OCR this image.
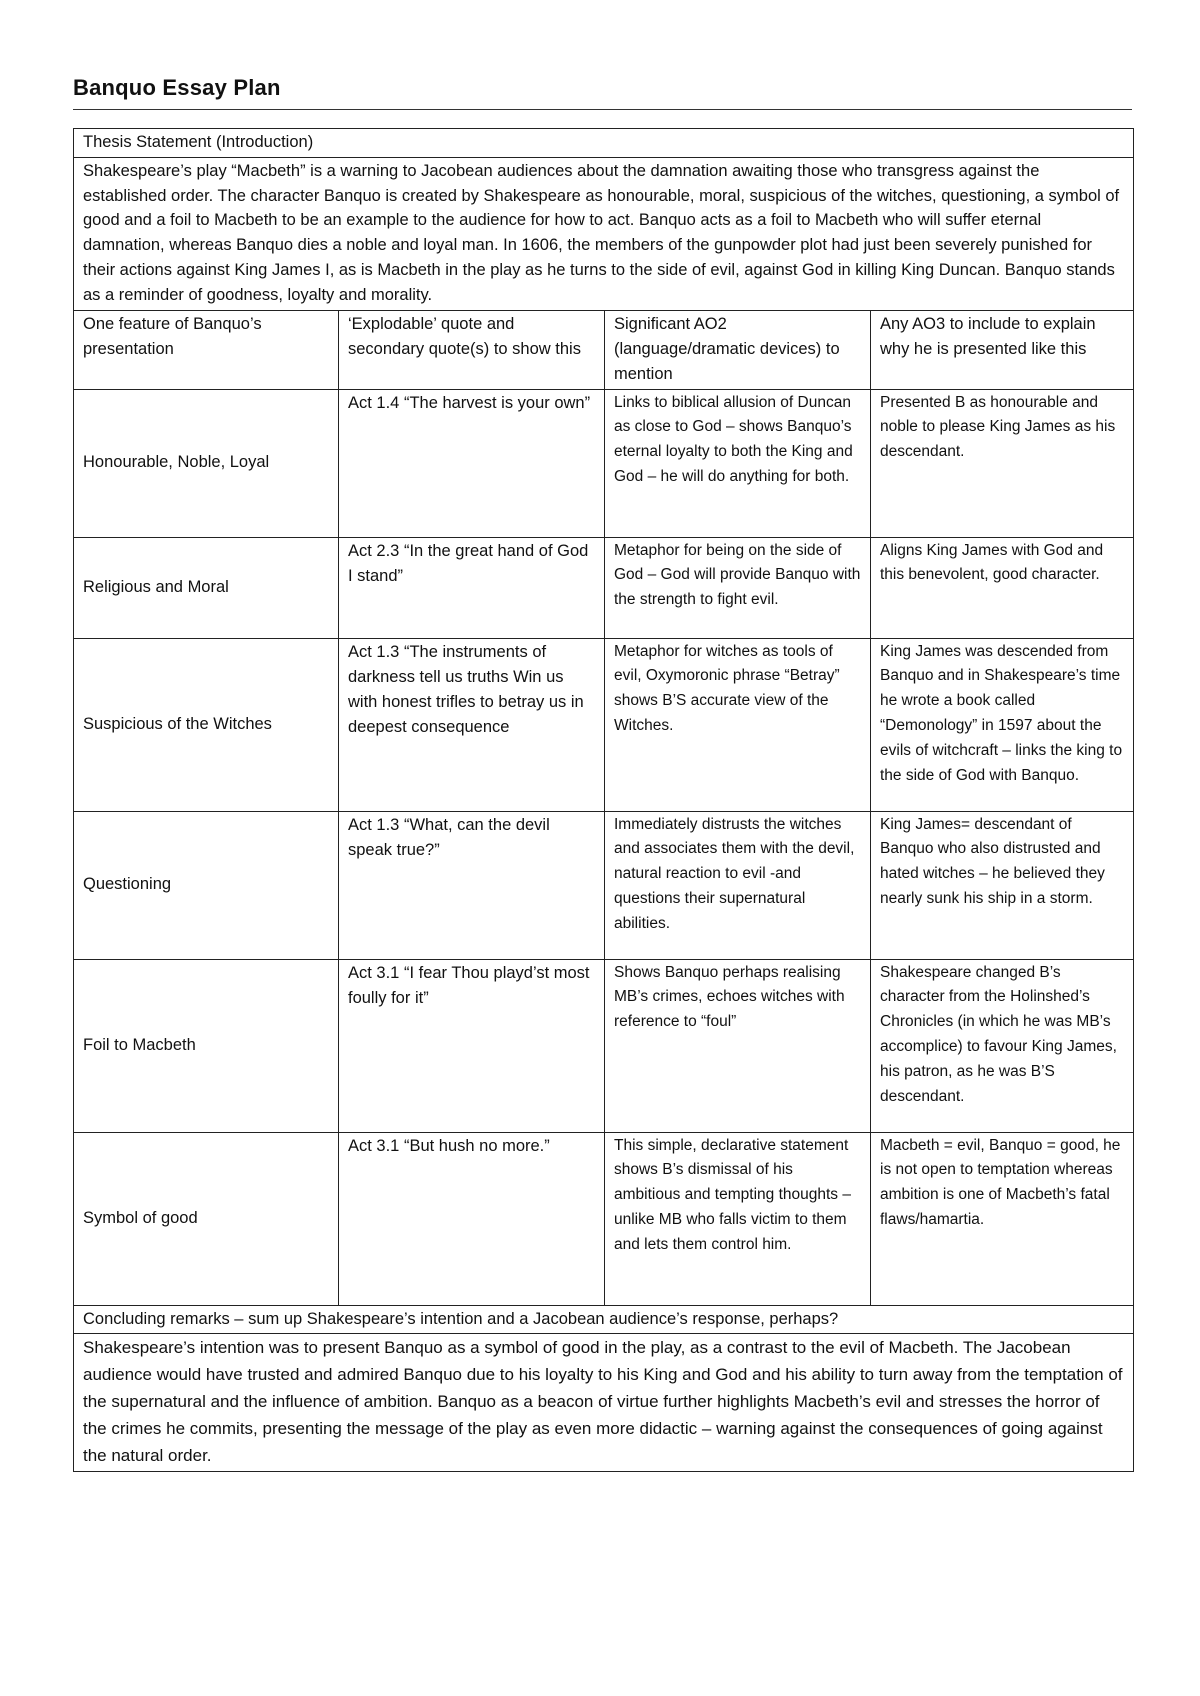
Banquo Essay Plan
Thesis Statement (Introduction)			
Shakespeare’s play “Macbeth” is a warning to Jacobean audiences about the damnation awaiting those who transgress against the established order. The character Banquo is created by Shakespeare as honourable, moral, suspicious of the witches, questioning, a symbol of good and a foil to Macbeth to be an example to the audience for how to act. Banquo acts as a foil to Macbeth who will suffer eternal damnation, whereas Banquo dies a noble and loyal man. In 1606, the members of the gunpowder plot had just been severely punished for their actions against King James I, as is Macbeth in the play as he turns to the side of evil, against God in killing King Duncan. Banquo stands as a reminder of goodness, loyalty and morality.			
One feature of Banquo’s presentation	‘Explodable’ quote and secondary quote(s) to show this	Significant AO2 (language/dramatic devices) to mention	Any AO3 to include to explain why he is presented like this
Honourable, Noble, Loyal	Act 1.4 “The harvest is your own”	Links to biblical allusion of Duncan as close to God – shows Banquo’s eternal loyalty to both the King and God – he will do anything for both.	Presented B as honourable and noble to please King James as his descendant.
Religious and Moral	Act 2.3 “In the great hand of God I stand”	Metaphor for being on the side of God – God will provide Banquo with the strength to fight evil.	Aligns King James with God and this benevolent, good character.
Suspicious of the Witches	Act 1.3 “The instruments of darkness tell us truths Win us with honest trifles to betray us in deepest consequence	Metaphor for witches as tools of evil, Oxymoronic phrase “Betray” shows B’S accurate view of the Witches.	King James was descended from Banquo and in Shakespeare’s time he wrote a book called “Demonology” in 1597 about the evils of witchcraft – links the king to the side of God with Banquo.
Questioning	Act 1.3 “What, can the devil speak true?”	Immediately distrusts the witches and associates them with the devil, natural reaction to evil -and questions their supernatural abilities.	King James= descendant of Banquo who also distrusted and hated witches – he believed they nearly sunk his ship in a storm.
Foil to Macbeth	Act 3.1 “I fear Thou playd’st most foully for it”	Shows Banquo perhaps realising MB’s crimes, echoes witches with reference to “foul”	Shakespeare changed B’s character from the Holinshed’s Chronicles (in which he was MB’s accomplice) to favour King James, his patron, as he was B’S descendant.
Symbol of good	Act 3.1 “But hush no more.”	This simple, declarative statement shows B’s dismissal of his ambitious and tempting thoughts – unlike MB who falls victim to them and lets them control him.	Macbeth = evil, Banquo = good, he is not open to temptation whereas ambition is one of Macbeth’s fatal flaws/hamartia.
Concluding remarks – sum up Shakespeare’s intention and a Jacobean audience’s response, perhaps?			
Shakespeare’s intention was to present Banquo as a symbol of good in the play, as a contrast to the evil of Macbeth. The Jacobean audience would have trusted and admired Banquo due to his loyalty to his King and God and his ability to turn away from the temptation of the supernatural and the influence of ambition. Banquo as a beacon of virtue further highlights Macbeth’s evil and stresses the horror of the crimes he commits, presenting the message of the play as even more didactic – warning against the consequences of going against the natural order.			
